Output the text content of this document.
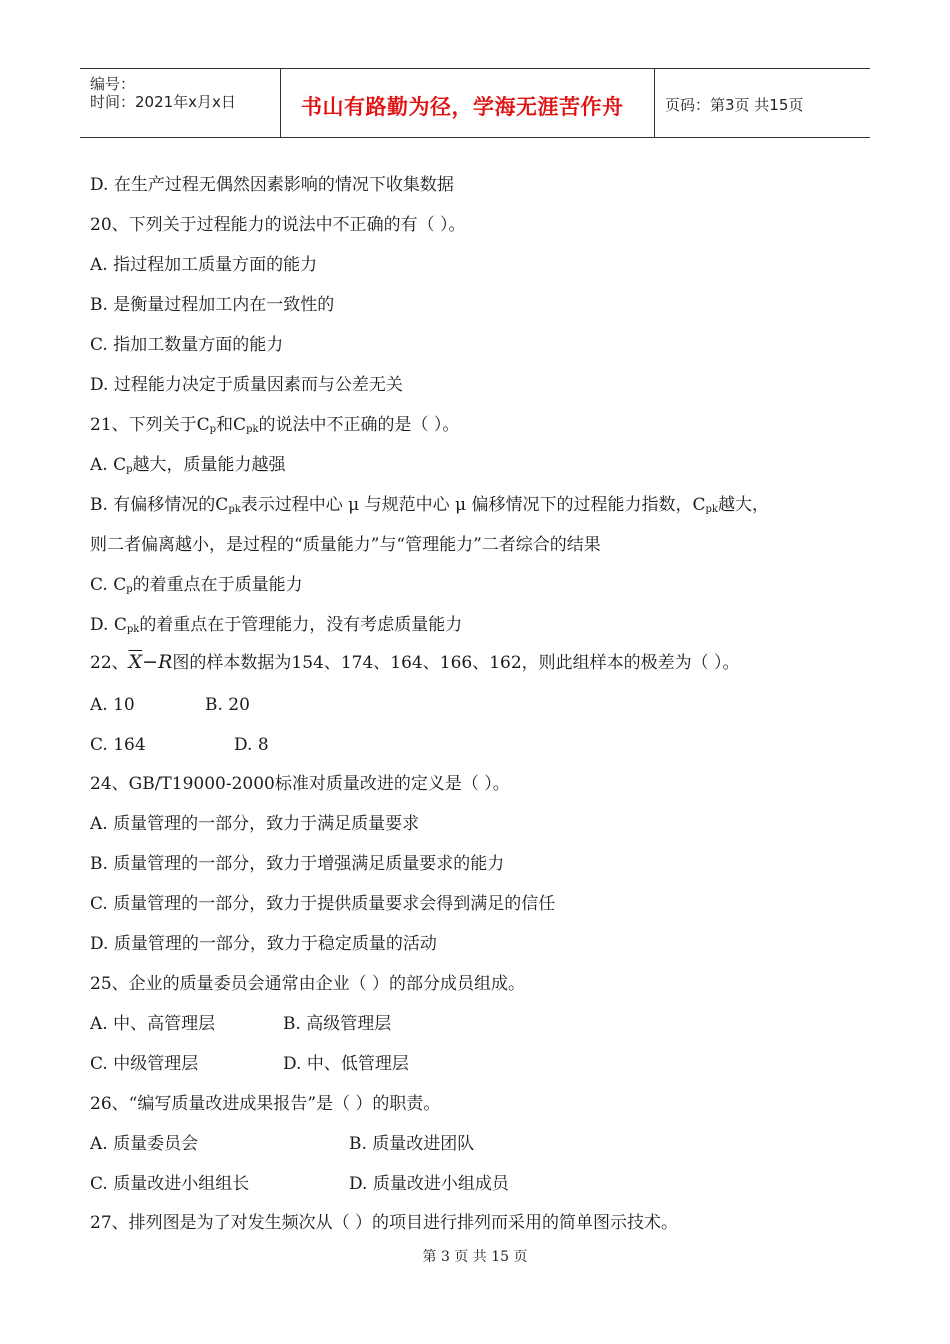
编号：
时间：2021年x月x日	书山有路勤为径，学海无涯苦作舟	页码：第3页 共15页
D. 在生产过程无偶然因素影响的情况下收集数据
20、下列关于过程能力的说法中不正确的有（ ）。
A. 指过程加工质量方面的能力
B. 是衡量过程加工内在一致性的
C. 指加工数量方面的能力
D. 过程能力决定于质量因素而与公差无关
21、下列关于$C_p$和$C_{pk}$的说法中不正确的是（ ）。
A. $C_p$越大，质量能力越强
B. 有偏移情况的$C_{pk}$表示过程中心 μ 与规范中心 μ 偏移情况下的过程能力指数，$C_{pk}$越大，
则二者偏离越小，是过程的“质量能力”与“管理能力”二者综合的结果
C. $C_p$的着重点在于质量能力
D. $C_{pk}$的着重点在于管理能力，没有考虑质量能力
22、$\overline{X}-R$图的样本数据为154、174、164、166、162，则此组样本的极差为（ ）。
A. 10	B. 20
C. 164	D. 8
24、GB/T19000-2000标准对质量改进的定义是（ ）。
A. 质量管理的一部分，致力于满足质量要求
B. 质量管理的一部分，致力于增强满足质量要求的能力
C. 质量管理的一部分，致力于提供质量要求会得到满足的信任
D. 质量管理的一部分，致力于稳定质量的活动
25、企业的质量委员会通常由企业（ ）的部分成员组成。
A. 中、高管理层	B. 高级管理层
C. 中级管理层	D. 中、低管理层
26、“编写质量改进成果报告”是（ ）的职责。
A. 质量委员会	B. 质量改进团队
C. 质量改进小组组长	D. 质量改进小组成员
27、排列图是为了对发生频次从（ ）的项目进行排列而采用的简单图示技术。
第 3 页 共 15 页
